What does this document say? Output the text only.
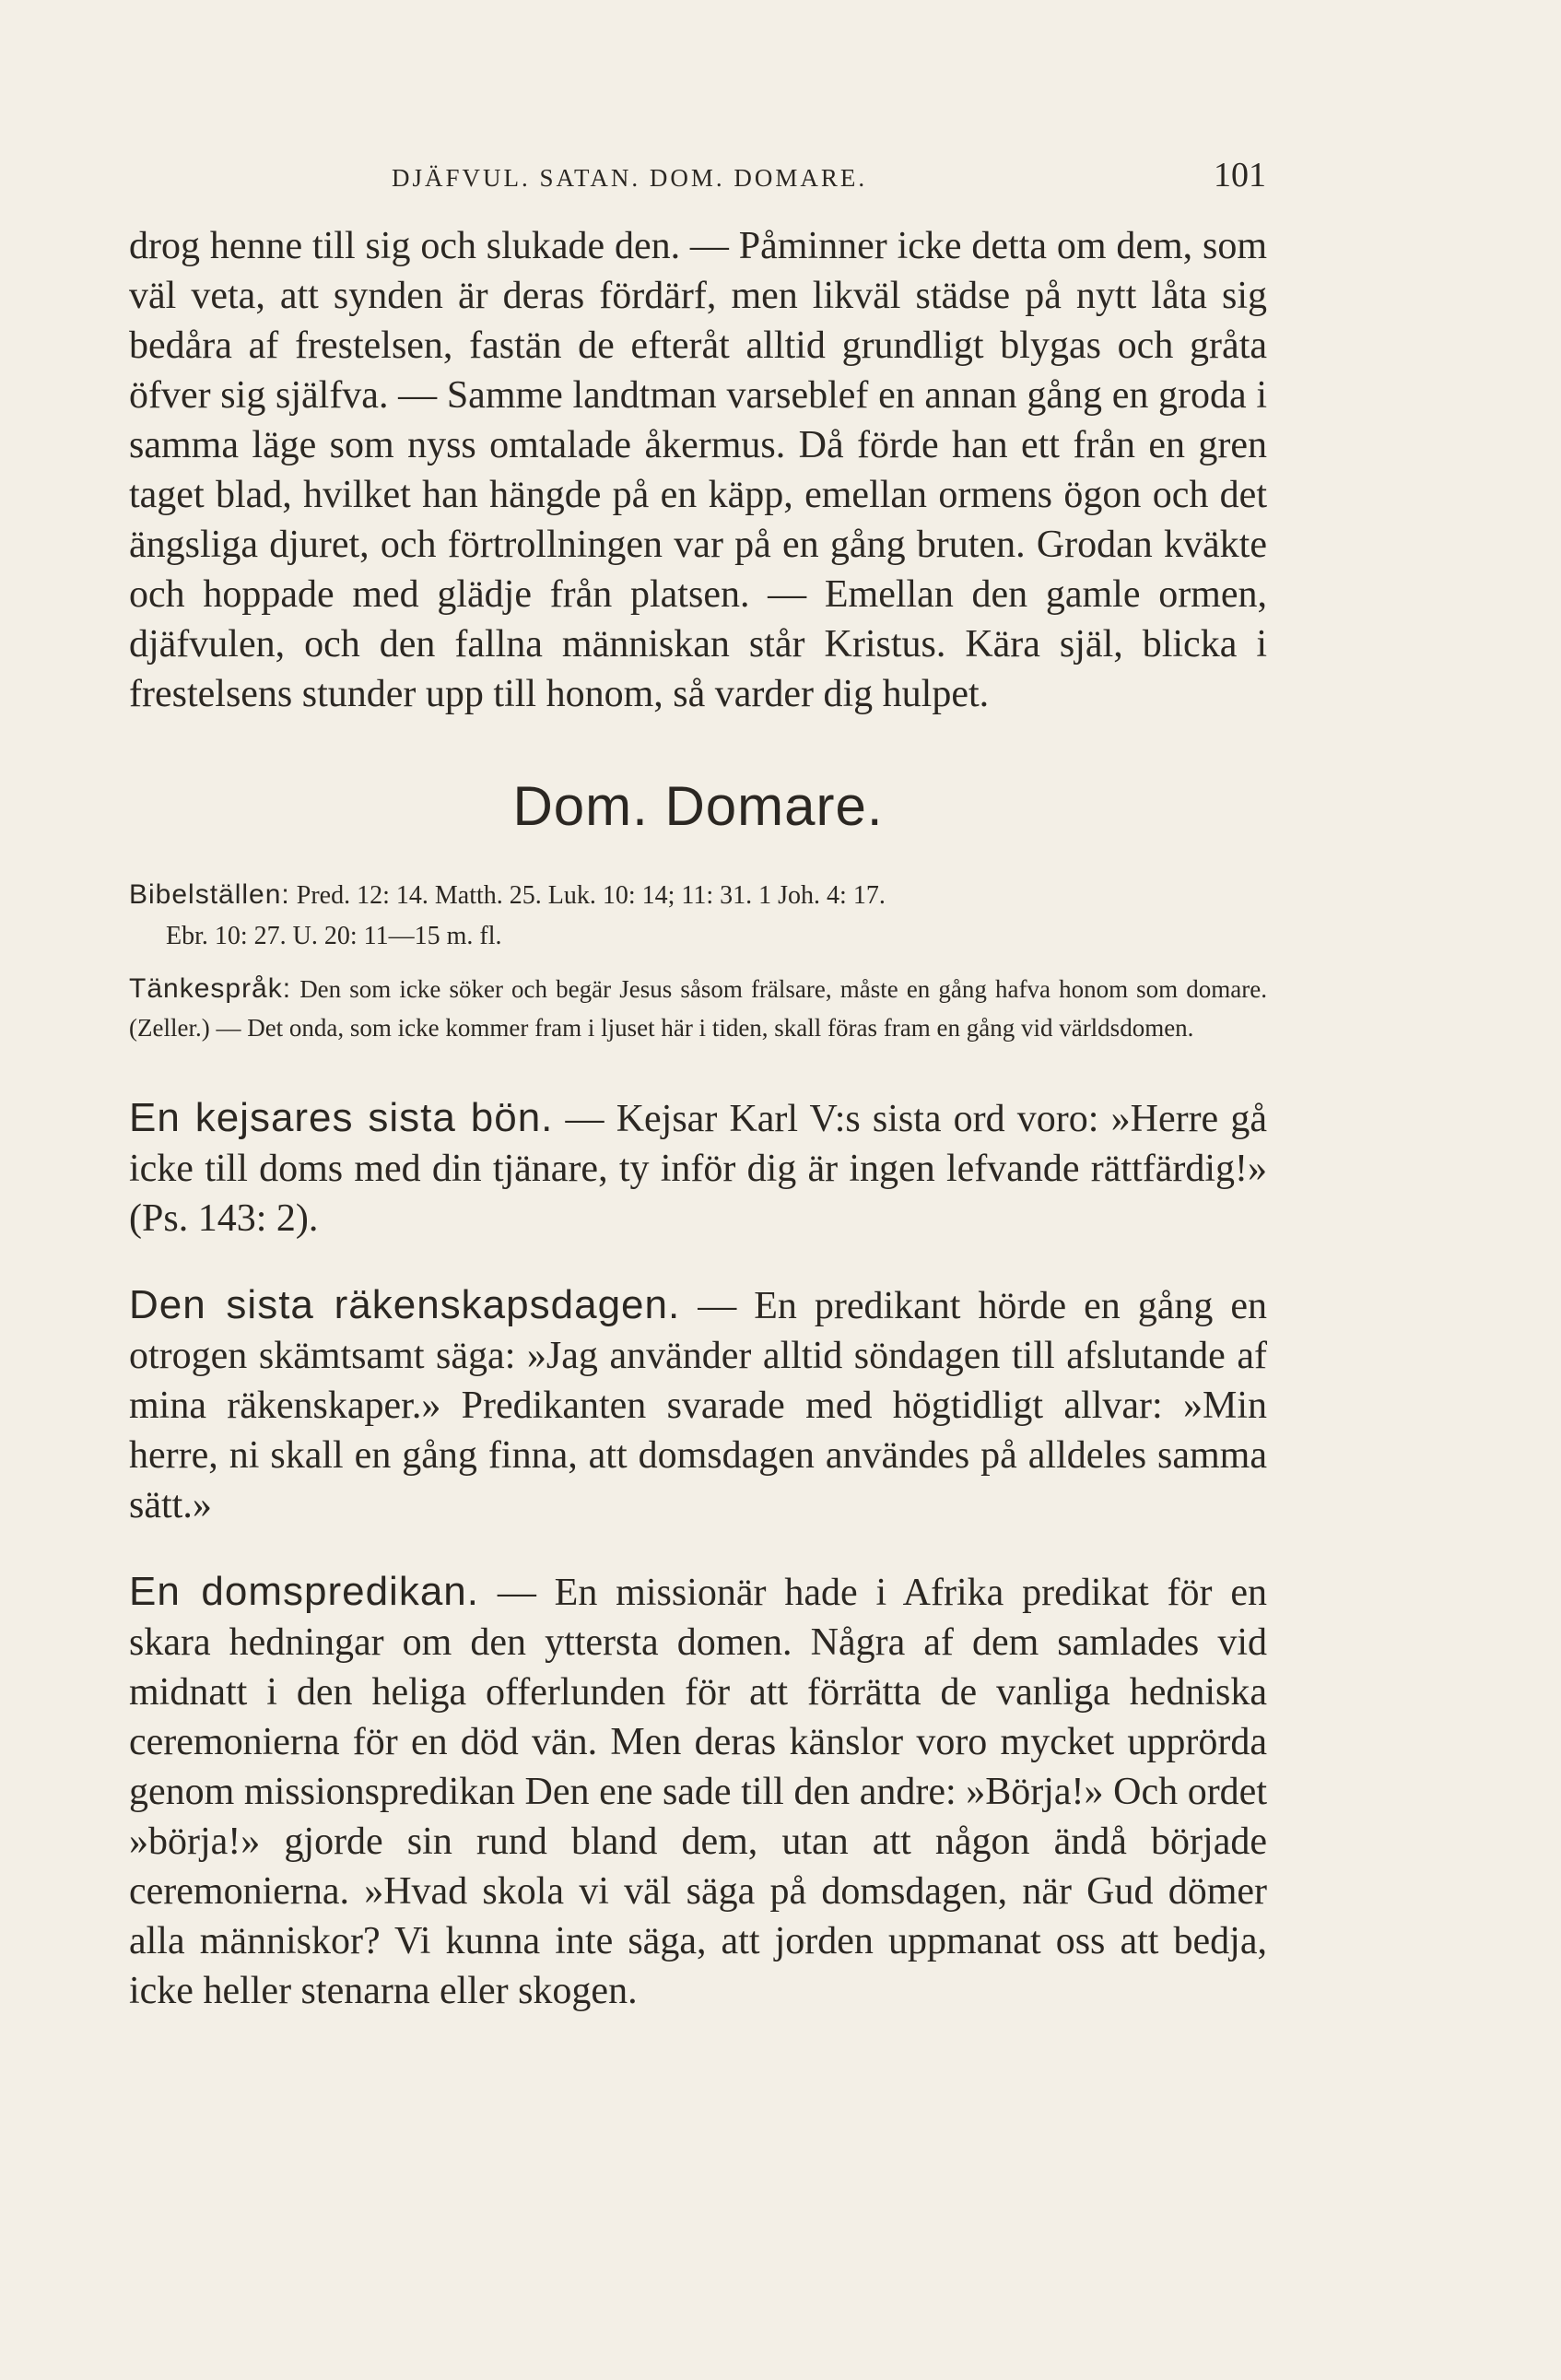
DJÄFVUL. SATAN. DOM. DOMARE.	101

drog henne till sig och slukade den. — Påminner icke detta om dem, som väl veta, att synden är deras fördärf, men likväl städse på nytt låta sig bedåra af frestelsen, fastän de efteråt alltid grundligt blygas och gråta öfver sig själfva. — Samme landtman varseblef en annan gång en groda i samma läge som nyss omtalade åkermus. Då förde han ett från en gren taget blad, hvilket han hängde på en käpp, emellan ormens ögon och det ängsliga djuret, och förtrollningen var på en gång bruten. Grodan kväkte och hoppade med glädje från platsen. — Emellan den gamle ormen, djäfvulen, och den fallna människan står Kristus. Kära själ, blicka i frestelsens stunder upp till honom, så varder dig hulpet.

Dom. Domare.

Bibelställen: Pred. 12: 14. Matth. 25. Luk. 10: 14; 11: 31. 1 Joh. 4: 17.
Ebr. 10: 27. U. 20: 11—15 m. fl.

Tänkespråk: Den som icke söker och begär Jesus såsom frälsare, måste en gång hafva honom som domare. (Zeller.) — Det onda, som icke kommer fram i ljuset här i tiden, skall föras fram en gång vid världsdomen.

En kejsares sista bön. — Kejsar Karl V:s sista ord voro: »Herre gå icke till doms med din tjänare, ty inför dig är ingen lefvande rättfärdig!» (Ps. 143: 2).

Den sista räkenskapsdagen. — En predikant hörde en gång en otrogen skämtsamt säga: »Jag använder alltid söndagen till afslutande af mina räkenskaper.» Predikanten svarade med högtidligt allvar: »Min herre, ni skall en gång finna, att domsdagen användes på alldeles samma sätt.»

En domspredikan. — En missionär hade i Afrika predikat för en skara hedningar om den yttersta domen. Några af dem samlades vid midnatt i den heliga offerlunden för att förrätta de vanliga hedniska ceremonierna för en död vän. Men deras känslor voro mycket upprörda genom missionspredikan Den ene sade till den andre: »Börja!» Och ordet »börja!» gjorde sin rund bland dem, utan att någon ändå började ceremonierna. »Hvad skola vi väl säga på domsdagen, när Gud dömer alla människor? Vi kunna inte säga, att jorden uppmanat oss att bedja, icke heller stenarna eller skogen.
